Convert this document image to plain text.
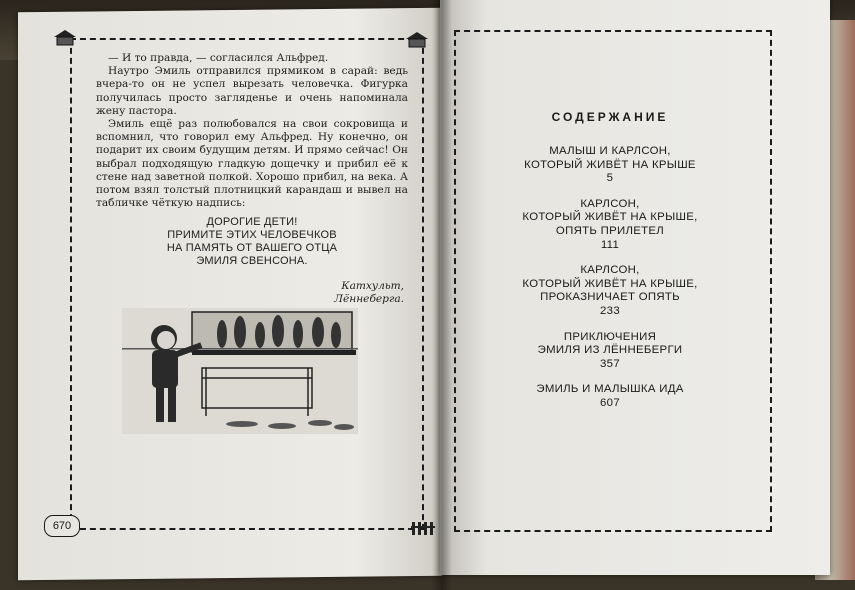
— И то правда, — согласился Альфред.

Наутро Эмиль отправился прямиком в сарай: ведь вчера-то он не успел вырезать человечка. Фигурка получилась просто загляденье и очень напоминала жену пастора.

Эмиль ещё раз полюбовался на свои сокровища и вспомнил, что говорил ему Альфред. Ну конечно, он подарит их своим будущим детям. И прямо сейчас! Он выбрал подходящую гладкую дощечку и прибил её к стене над заветной полкой. Хорошо прибил, на века. А потом взял толстый плотницкий карандаш и вывел на табличке чёткую надпись:

ДОРОГИЕ ДЕТИ!
ПРИМИТЕ ЭТИХ ЧЕЛОВЕЧКОВ
НА ПАМЯТЬ ОТ ВАШЕГО ОТЦА
ЭМИЛЯ СВЕНСОНА.
Катхульт,
Лённеберга.
670
СОДЕРЖАНИЕ
МАЛЫШ И КАРЛСОН,
КОТОРЫЙ ЖИВЁТ НА КРЫШЕ
5
КАРЛСОН,
КОТОРЫЙ ЖИВЁТ НА КРЫШЕ,
ОПЯТЬ ПРИЛЕТЕЛ
111
КАРЛСОН,
КОТОРЫЙ ЖИВЁТ НА КРЫШЕ,
ПРОКАЗНИЧАЕТ ОПЯТЬ
233
ПРИКЛЮЧЕНИЯ
ЭМИЛЯ ИЗ ЛЁННЕБЕРГИ
357
ЭМИЛЬ И МАЛЫШКА ИДА
607
